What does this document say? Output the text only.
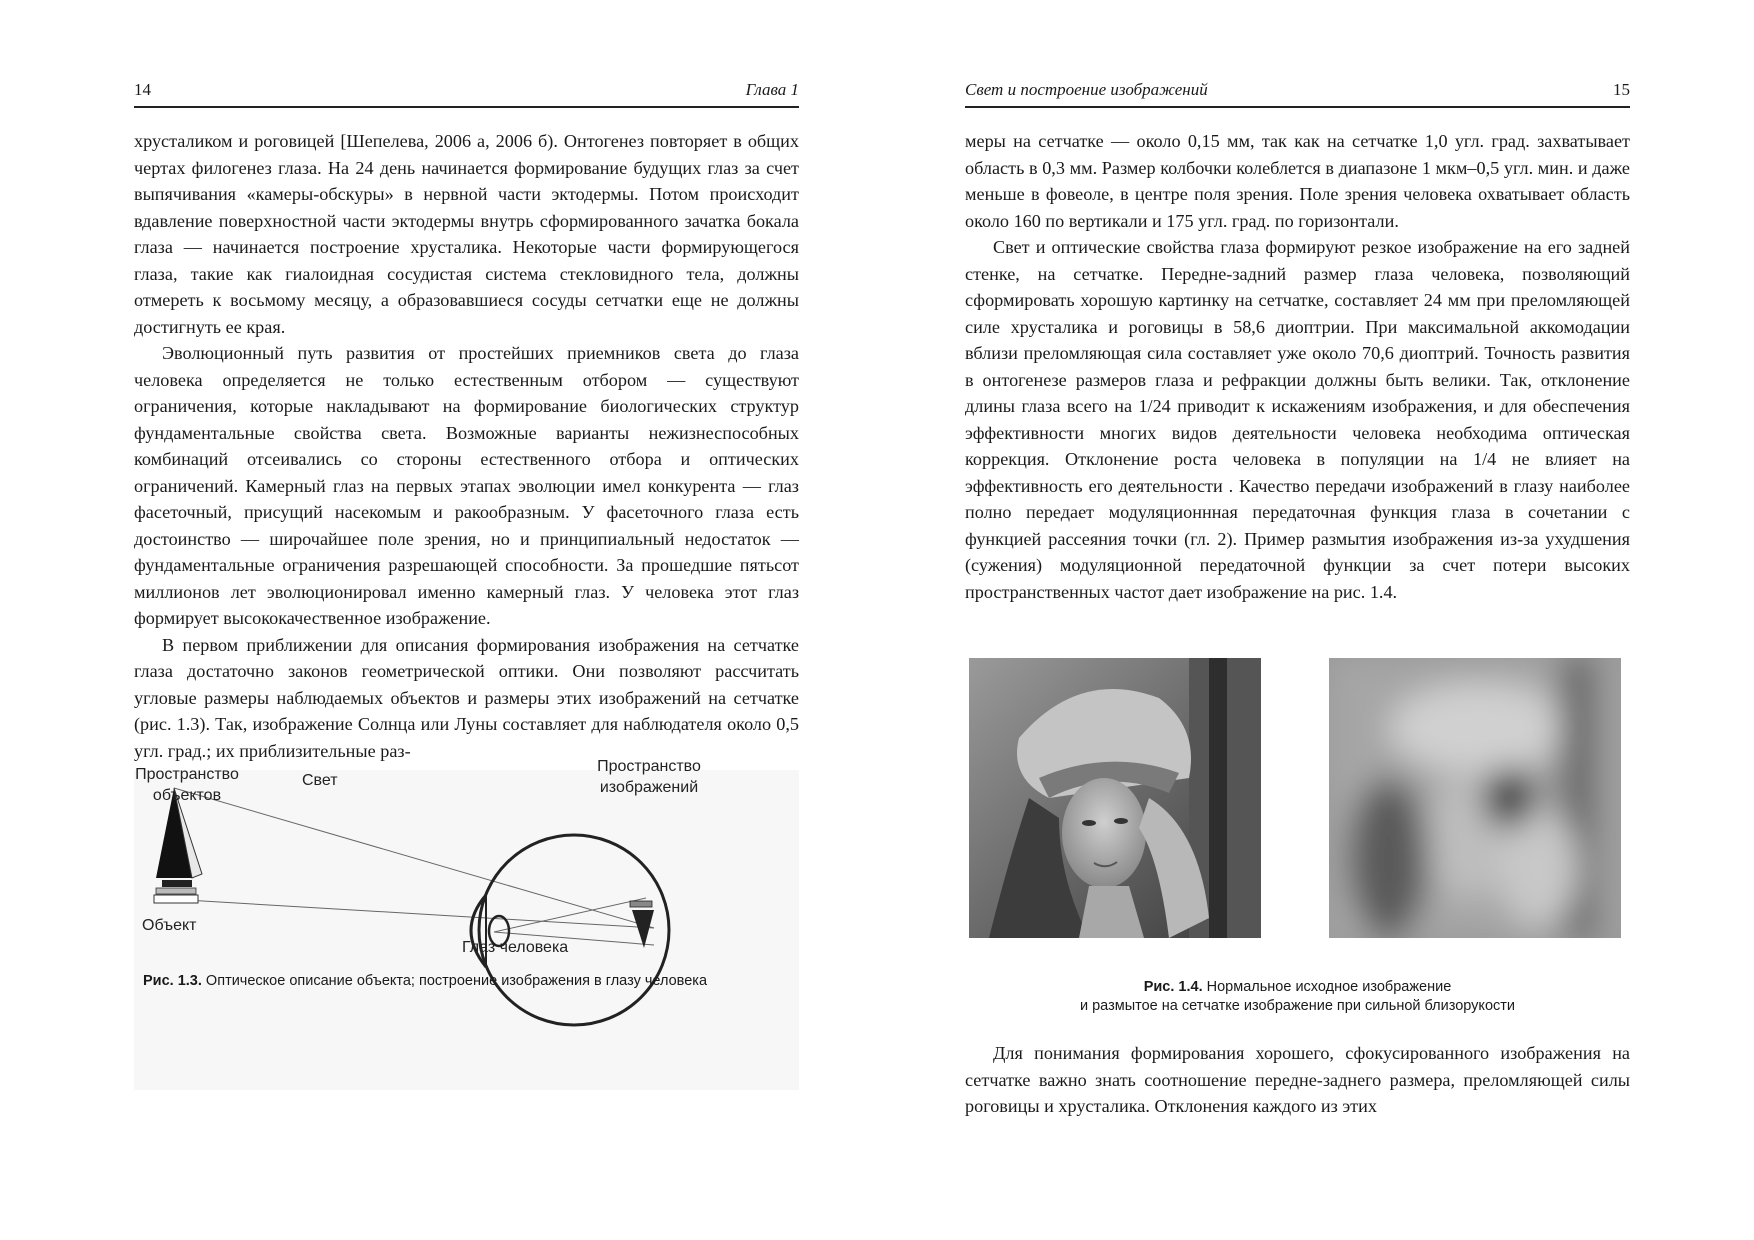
14	Глава 1

хрусталиком и роговицей [Шепелева, 2006 а, 2006 б). Онтогенез повторяет в общих чертах филогенез глаза. На 24 день начинается формирование будущих глаз за счет выпячивания «камеры-обскуры» в нервной части эктодермы. Потом происходит вдавление поверхностной части эктодермы внутрь сформированного зачатка бокала глаза — начинается построение хрусталика. Некоторые части формирующегося глаза, такие как гиалоидная сосудистая система стекловидного тела, должны отмереть к восьмому месяцу, а образовавшиеся сосуды сетчатки еще не должны достигнуть ее края.

Эволюционный путь развития от простейших приемников света до глаза человека определяется не только естественным отбором — существуют ограничения, которые накладывают на формирование биологических структур фундаментальные свойства света. Возможные варианты нежизнеспособных комбинаций отсеивались со стороны естественного отбора и оптических ограничений. Камерный глаз на первых этапах эволюции имел конкурента — глаз фасеточный, присущий насекомым и ракообразным. У фасеточного глаза есть достоинство — широчайшее поле зрения, но и принципиальный недостаток — фундаментальные ограничения разрешающей способности. За прошедшие пятьсот миллионов лет эволюционировал именно камерный глаз. У человека этот глаз формирует высококачественное изображение.

В первом приближении для описания формирования изображения на сетчатке глаза достаточно законов геометрической оптики. Они позволяют рассчитать угловые размеры наблюдаемых объектов и размеры этих изображений на сетчатке (рис. 1.3). Так, изображение Солнца или Луны составляет для наблюдателя около 0,5 угл. град.; их приблизительные раз-

Пространство объектов
Пространство изображений
Свет
Объект
Глаз человека
Рис. 1.3. Оптическое описание объекта; построение изображения в глазу человека
Свет и построение изображений	15

меры на сетчатке — около 0,15 мм, так как на сетчатке 1,0 угл. град. захватывает область в 0,3 мм. Размер колбочки колеблется в диапазоне 1 мкм–0,5 угл. мин. и даже меньше в фовеоле, в центре поля зрения. Поле зрения человека охватывает область около 160 по вертикали и 175 угл. град. по горизонтали.

Свет и оптические свойства глаза формируют резкое изображение на его задней стенке, на сетчатке. Передне-задний размер глаза человека, позволяющий сформировать хорошую картинку на сетчатке, составляет 24 мм при преломляющей силе хрусталика и роговицы в 58,6 диоптрии. При максимальной аккомодации вблизи преломляющая сила составляет уже около 70,6 диоптрий. Точность развития в онтогенезе размеров глаза и рефракции должны быть велики. Так, отклонение длины глаза всего на 1/24 приводит к искажениям изображения, и для обеспечения эффективности многих видов деятельности человека необходима оптическая коррекция. Отклонение роста человека в популяции на 1/4 не влияет на эффективность его деятельности . Качество передачи изображений в глазу наиболее полно передает модуляционнная передаточная функция глаза в сочетании с функцией рассеяния точки (гл. 2). Пример размытия изображения из-за ухудшения (сужения) модуляционной передаточной функции за счет потери высоких пространственных частот дает изображение на рис. 1.4.

Рис. 1.4. Нормальное исходное изображение
и размытое на сетчатке изображение при сильной близорукости

Для понимания формирования хорошего, сфокусированного изображения на сетчатке важно знать соотношение передне-заднего размера, преломляющей силы роговицы и хрусталика. Отклонения каждого из этих
